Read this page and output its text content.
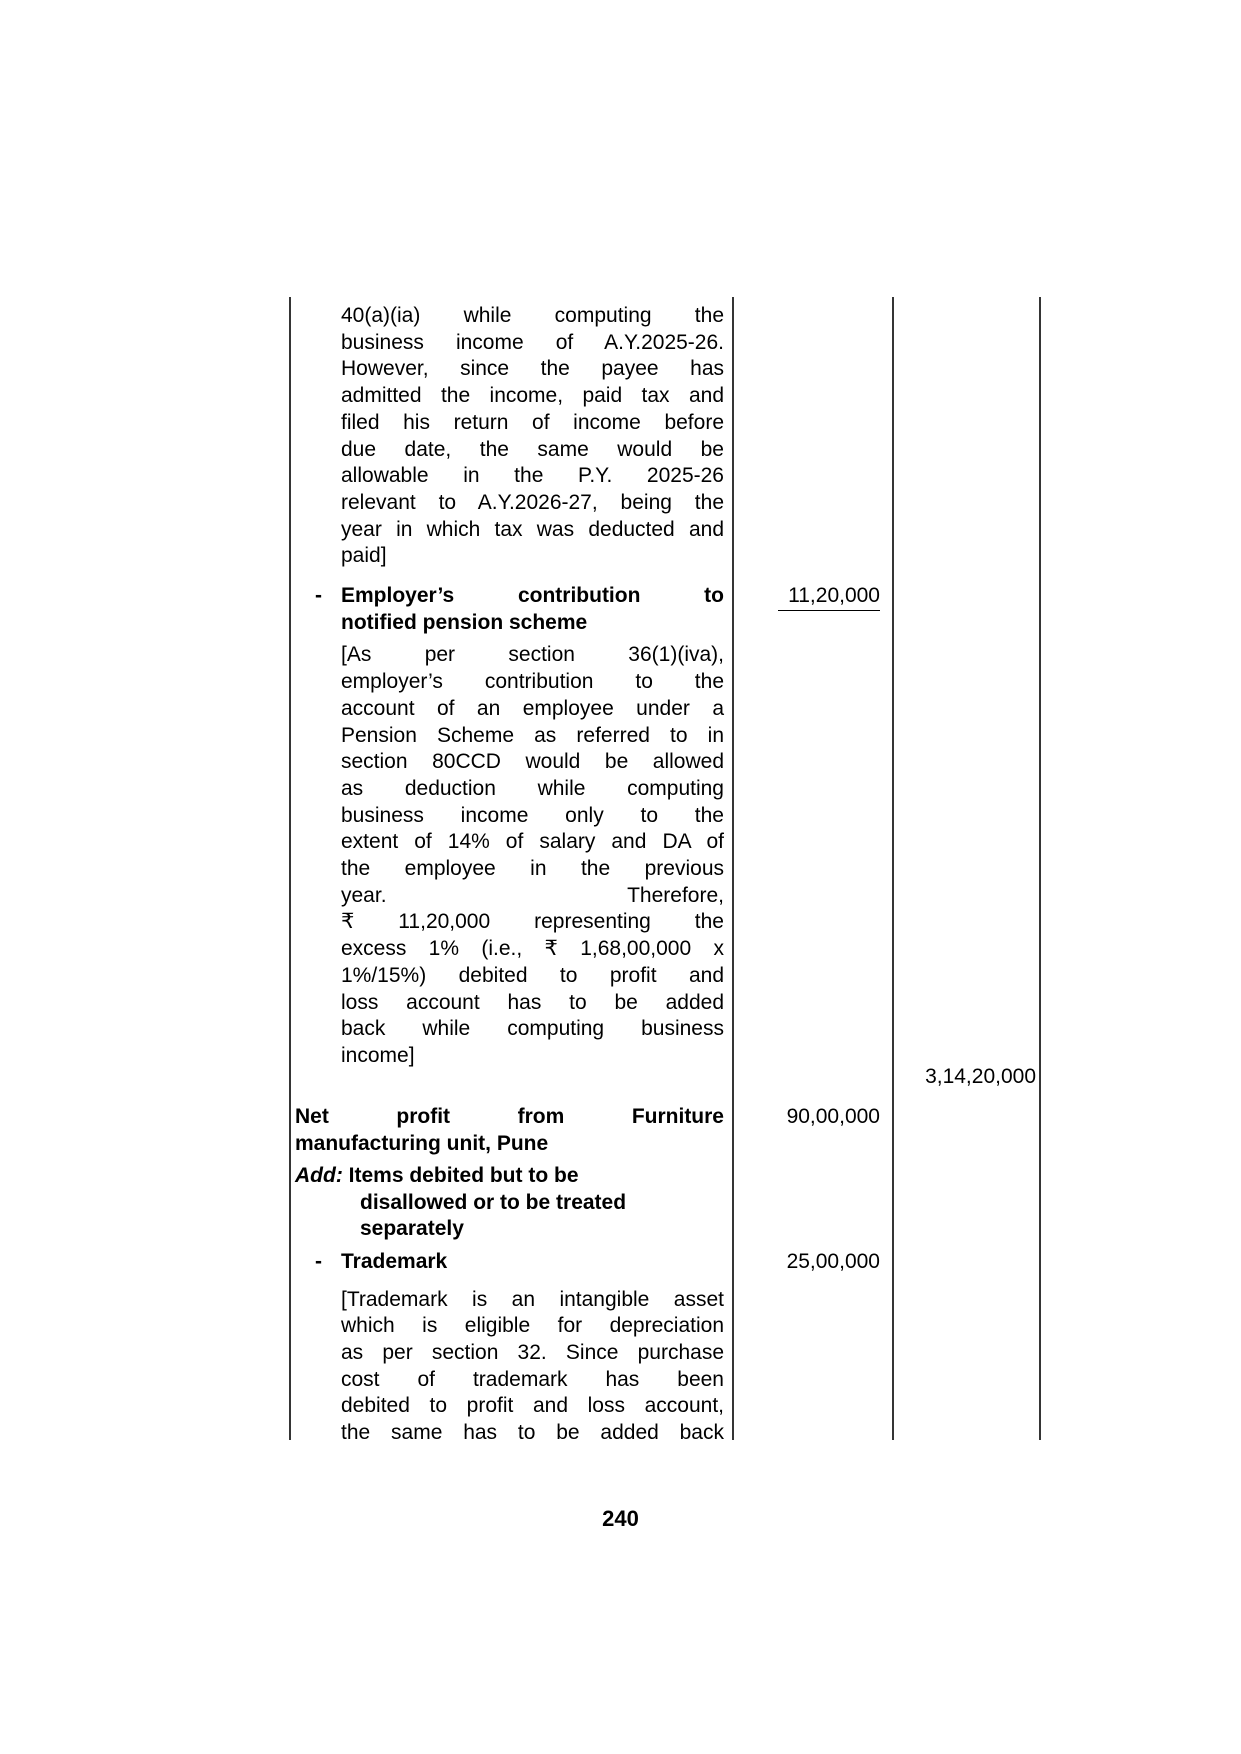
40(a)(ia) while computing the
business income of A.Y.2025-26.
However, since the payee has
admitted the income, paid tax and
filed his return of income before
due date, the same would be
allowable in the P.Y. 2025-26
relevant to A.Y.2026-27, being the
year in which tax was deducted and
paid]
- Employer’s contribution to
notified pension scheme
11,20,000
[As per section 36(1)(iva),
employer’s contribution to the
account of an employee under a
Pension Scheme as referred to in
section 80CCD would be allowed
as deduction while computing
business income only to the
extent of 14% of salary and DA of
the employee in the previous
year. Therefore,
₹ 11,20,000 representing the
excess 1% (i.e., ₹ 1,68,00,000 x
1%/15%) debited to profit and
loss account has to be added
back while computing business
income]
3,14,20,000
Net profit from Furniture
manufacturing unit, Pune
90,00,000
Add: Items debited but to be
disallowed or to be treated
separately
- Trademark	25,00,000
[Trademark is an intangible asset
which is eligible for depreciation
as per section 32. Since purchase
cost of trademark has been
debited to profit and loss account,
the same has to be added back
240
